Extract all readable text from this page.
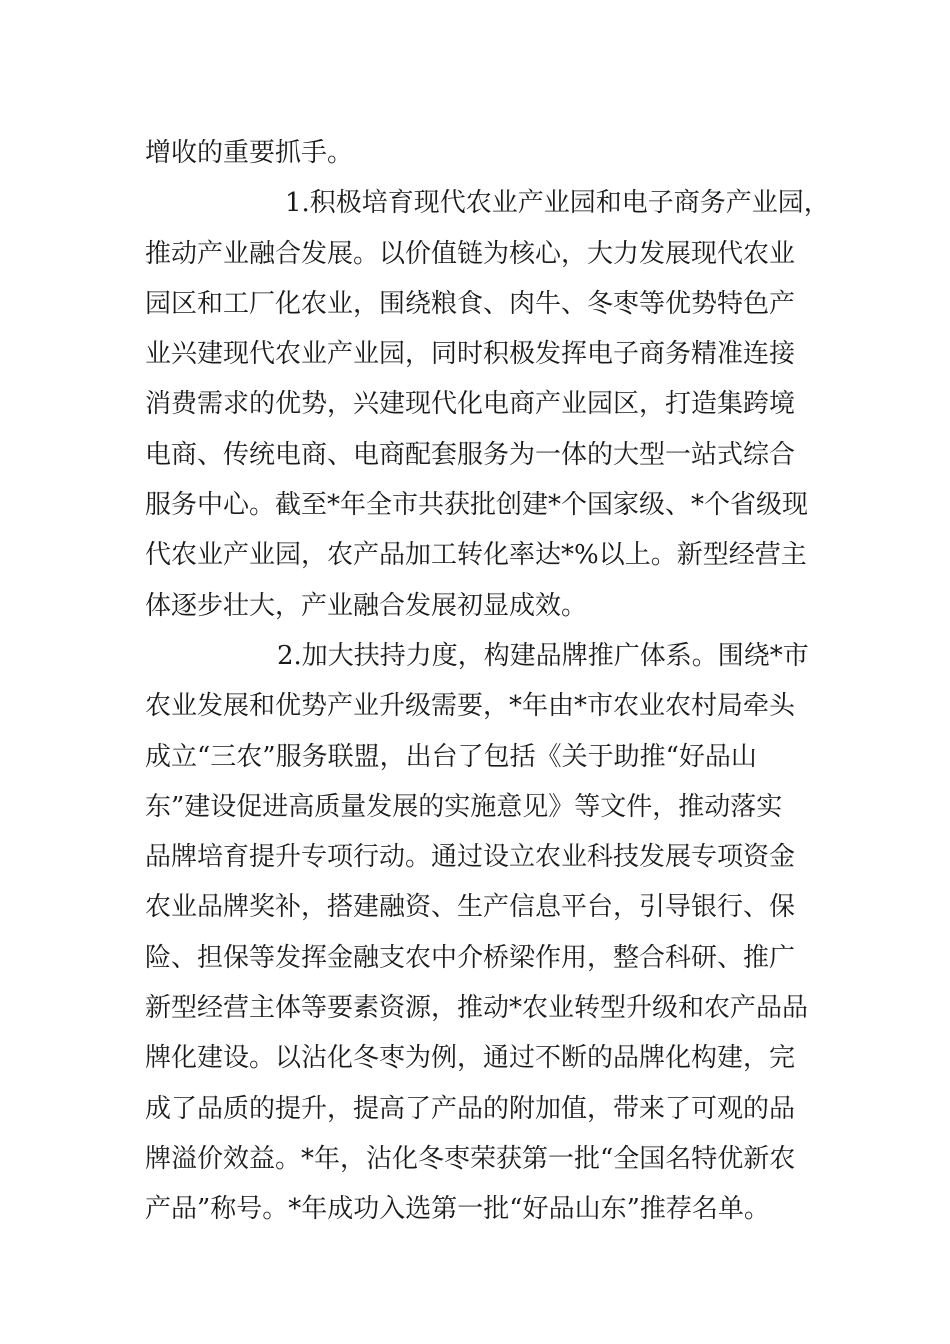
增收的重要抓手。
1.积极培育现代农业产业园和电子商务产业园，
推动产业融合发展。以价值链为核心，大力发展现代农业
园区和工厂化农业，围绕粮食、肉牛、冬枣等优势特色产
业兴建现代农业产业园，同时积极发挥电子商务精准连接
消费需求的优势，兴建现代化电商产业园区，打造集跨境
电商、传统电商、电商配套服务为一体的大型一站式综合
服务中心。截至*年全市共获批创建*个国家级、*个省级现
代农业产业园，农产品加工转化率达*%以上。新型经营主
体逐步壮大，产业融合发展初显成效。
2.加大扶持力度，构建品牌推广体系。围绕*市
农业发展和优势产业升级需要，*年由*市农业农村局牵头
成立“三农”服务联盟，出台了包括《关于助推“好品山
东”建设促进高质量发展的实施意见》等文件，推动落实
品牌培育提升专项行动。通过设立农业科技发展专项资金
农业品牌奖补，搭建融资、生产信息平台，引导银行、保
险、担保等发挥金融支农中介桥梁作用，整合科研、推广
新型经营主体等要素资源，推动*农业转型升级和农产品品
牌化建设。以沾化冬枣为例，通过不断的品牌化构建，完
成了品质的提升，提高了产品的附加值，带来了可观的品
牌溢价效益。*年，沾化冬枣荣获第一批“全国名特优新农
产品”称号。*年成功入选第一批“好品山东”推荐名单。
